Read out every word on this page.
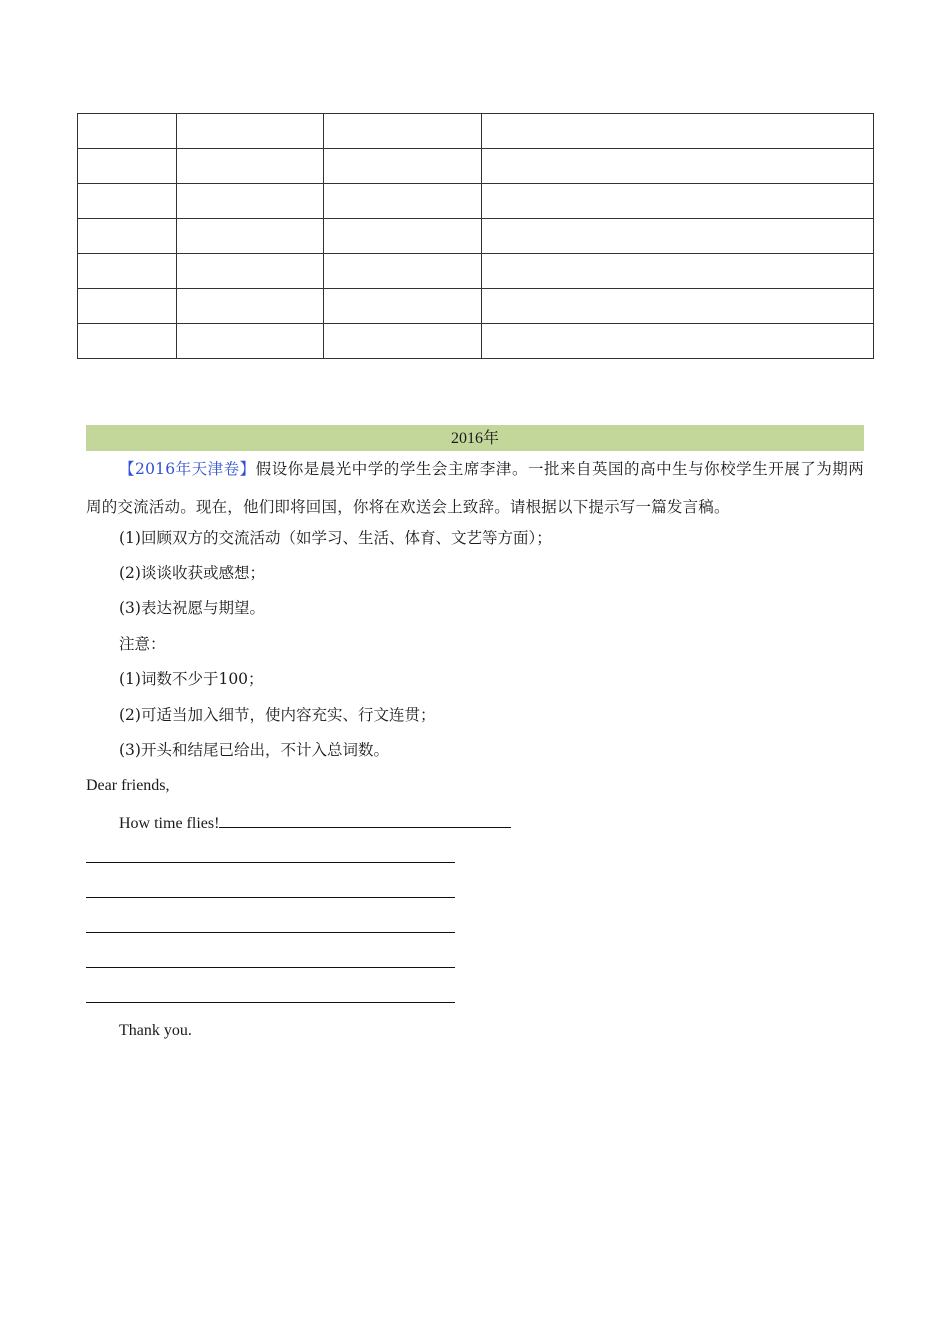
2016年
【2016年天津卷】假设你是晨光中学的学生会主席李津。一批来自英国的高中生与你校学生开展了为期两周的交流活动。现在，他们即将回国，你将在欢送会上致辞。请根据以下提示写一篇发言稿。
(1)回顾双方的交流活动（如学习、生活、体育、文艺等方面）；
(2)谈谈收获或感想；
(3)表达祝愿与期望。
注意：
(1)词数不少于100；
(2)可适当加入细节，使内容充实、行文连贯；
(3)开头和结尾已给出，不计入总词数。
Dear friends,
How time flies!
Thank you.
